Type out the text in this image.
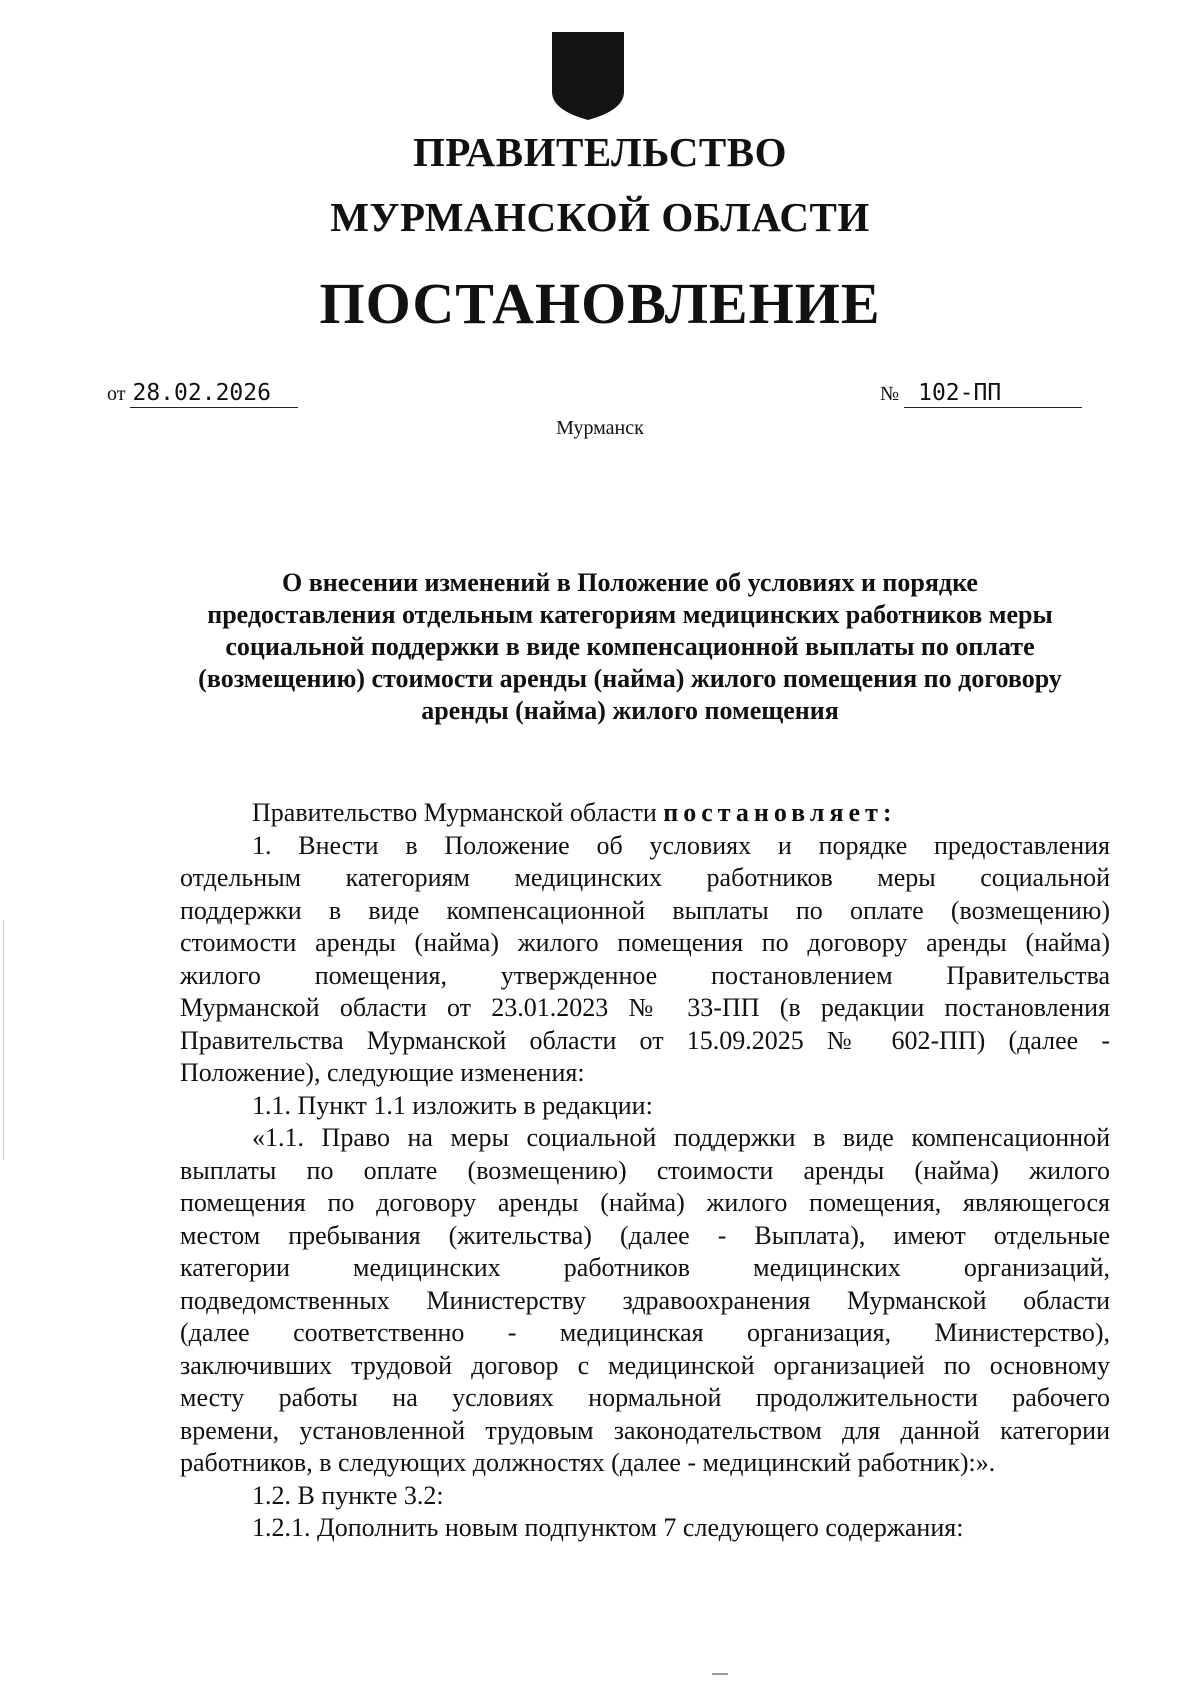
ПРАВИТЕЛЬСТВО
МУРМАНСКОЙ ОБЛАСТИ
ПОСТАНОВЛЕНИЕ
от 28.02.2026	№ 102-ПП
Мурманск
О внесении изменений в Положение об условиях и порядке
предоставления отдельным категориям медицинских работников меры
социальной поддержки в виде компенсационной выплаты по оплате
(возмещению) стоимости аренды (найма) жилого помещения по договору
аренды (найма) жилого помещения
Правительство Мурманской области постановляет:
1. Внести в Положение об условиях и порядке предоставления
отдельным категориям медицинских работников меры социальной
поддержки в виде компенсационной выплаты по оплате (возмещению)
стоимости аренды (найма) жилого помещения по договору аренды (найма)
жилого помещения, утвержденное постановлением Правительства
Мурманской области от 23.01.2023 № 33-ПП (в редакции постановления
Правительства Мурманской области от 15.09.2025 № 602-ПП) (далее -
Положение), следующие изменения:
1.1. Пункт 1.1 изложить в редакции:
«1.1. Право на меры социальной поддержки в виде компенсационной
выплаты по оплате (возмещению) стоимости аренды (найма) жилого
помещения по договору аренды (найма) жилого помещения, являющегося
местом пребывания (жительства) (далее - Выплата), имеют отдельные
категории медицинских работников медицинских организаций,
подведомственных Министерству здравоохранения Мурманской области
(далее соответственно - медицинская организация, Министерство),
заключивших трудовой договор с медицинской организацией по основному
месту работы на условиях нормальной продолжительности рабочего
времени, установленной трудовым законодательством для данной категории
работников, в следующих должностях (далее - медицинский работник):».
1.2. В пункте 3.2:
1.2.1. Дополнить новым подпунктом 7 следующего содержания:
